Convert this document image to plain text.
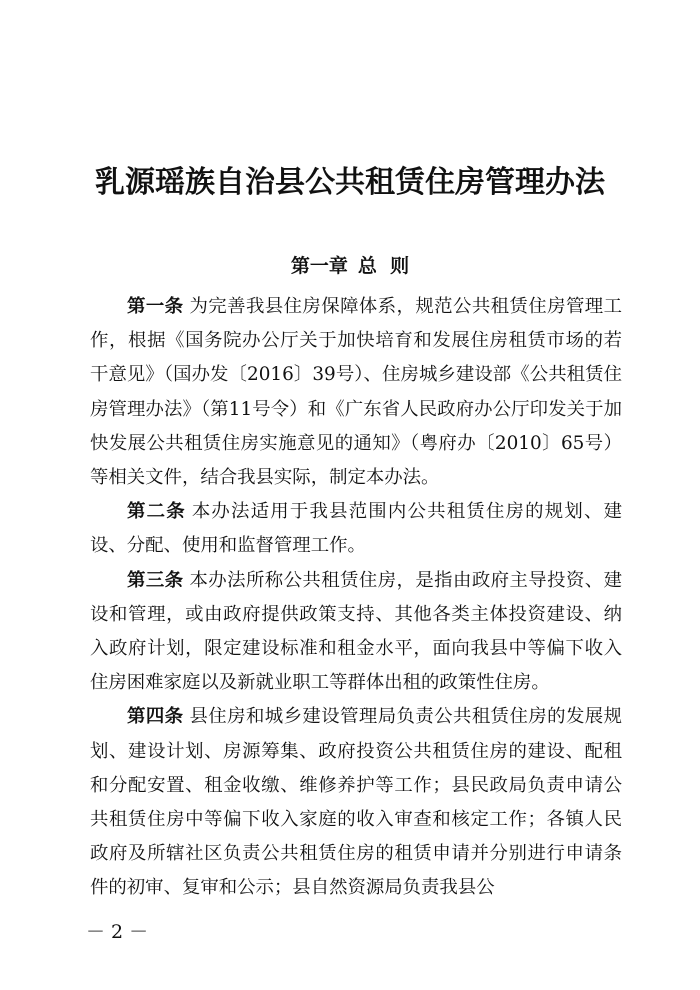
乳源瑶族自治县公共租赁住房管理办法
第一章 总  则

第一条 为完善我县住房保障体系，规范公共租赁住房管理工作，根据《国务院办公厅关于加快培育和发展住房租赁市场的若干意见》（国办发〔2016〕39号）、住房城乡建设部《公共租赁住房管理办法》（第11号令）和《广东省人民政府办公厅印发关于加快发展公共租赁住房实施意见的通知》（粤府办〔2010〕65号）等相关文件，结合我县实际，制定本办法。

第二条 本办法适用于我县范围内公共租赁住房的规划、建设、分配、使用和监督管理工作。

第三条 本办法所称公共租赁住房，是指由政府主导投资、建设和管理，或由政府提供政策支持、其他各类主体投资建设、纳入政府计划，限定建设标准和租金水平，面向我县中等偏下收入住房困难家庭以及新就业职工等群体出租的政策性住房。

第四条 县住房和城乡建设管理局负责公共租赁住房的发展规划、建设计划、房源筹集、政府投资公共租赁住房的建设、配租和分配安置、租金收缴、维修养护等工作；县民政局负责申请公共租赁住房中等偏下收入家庭的收入审查和核定工作；各镇人民政府及所辖社区负责公共租赁住房的租赁申请并分别进行申请条件的初审、复审和公示；县自然资源局负责我县公

－ 2 －
